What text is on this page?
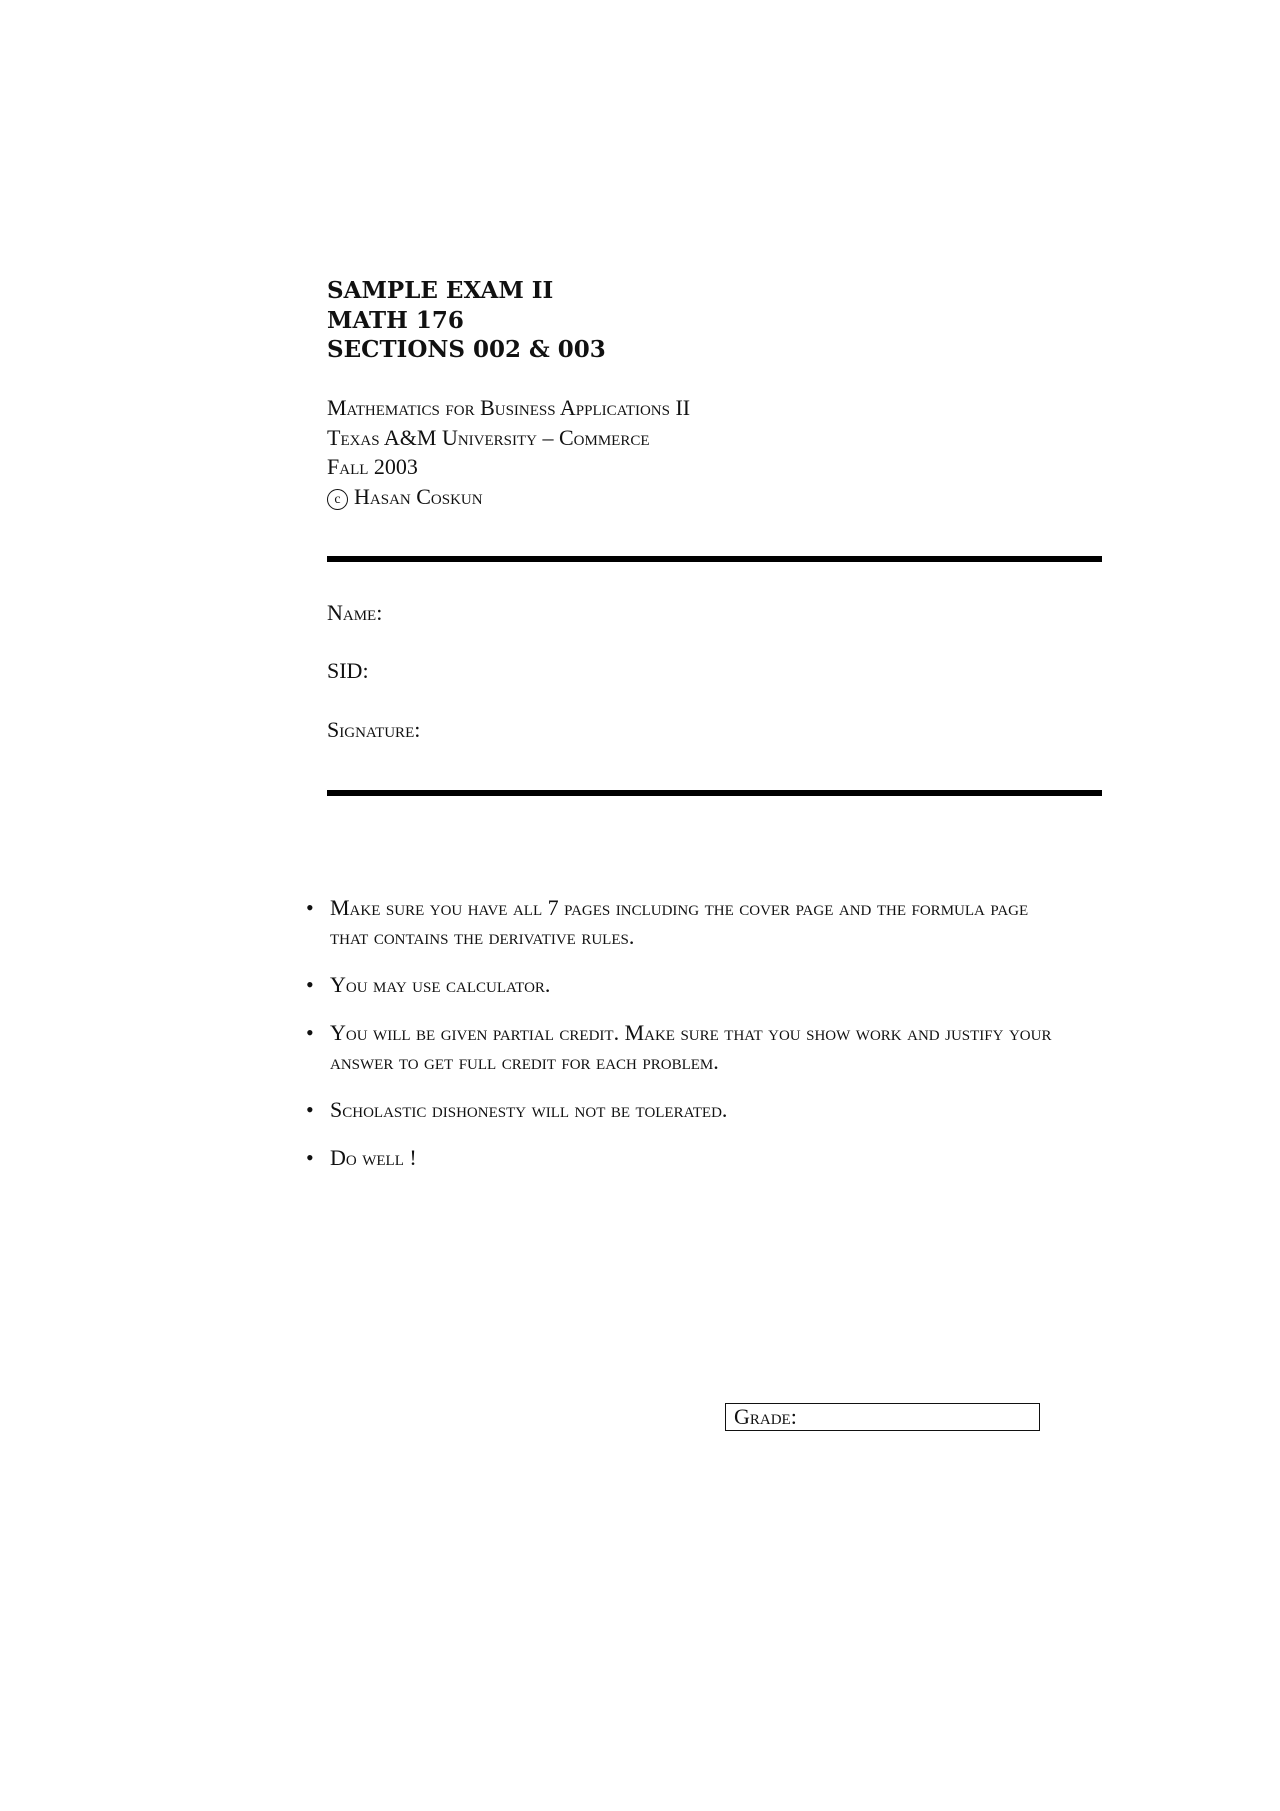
SAMPLE EXAM II
MATH 176
SECTIONS 002 & 003
Mathematics for Business Applications II
Texas A&M University – Commerce
Fall 2003
c Hasan Coskun
Name:
SID:
Signature:
• Make sure you have all 7 pages including the cover page and the formula page that contains the derivative rules.
• You may use calculator.
• You will be given partial credit. Make sure that you show work and justify your answer to get full credit for each problem.
• Scholastic dishonesty will not be tolerated.
• Do well !
Grade:
